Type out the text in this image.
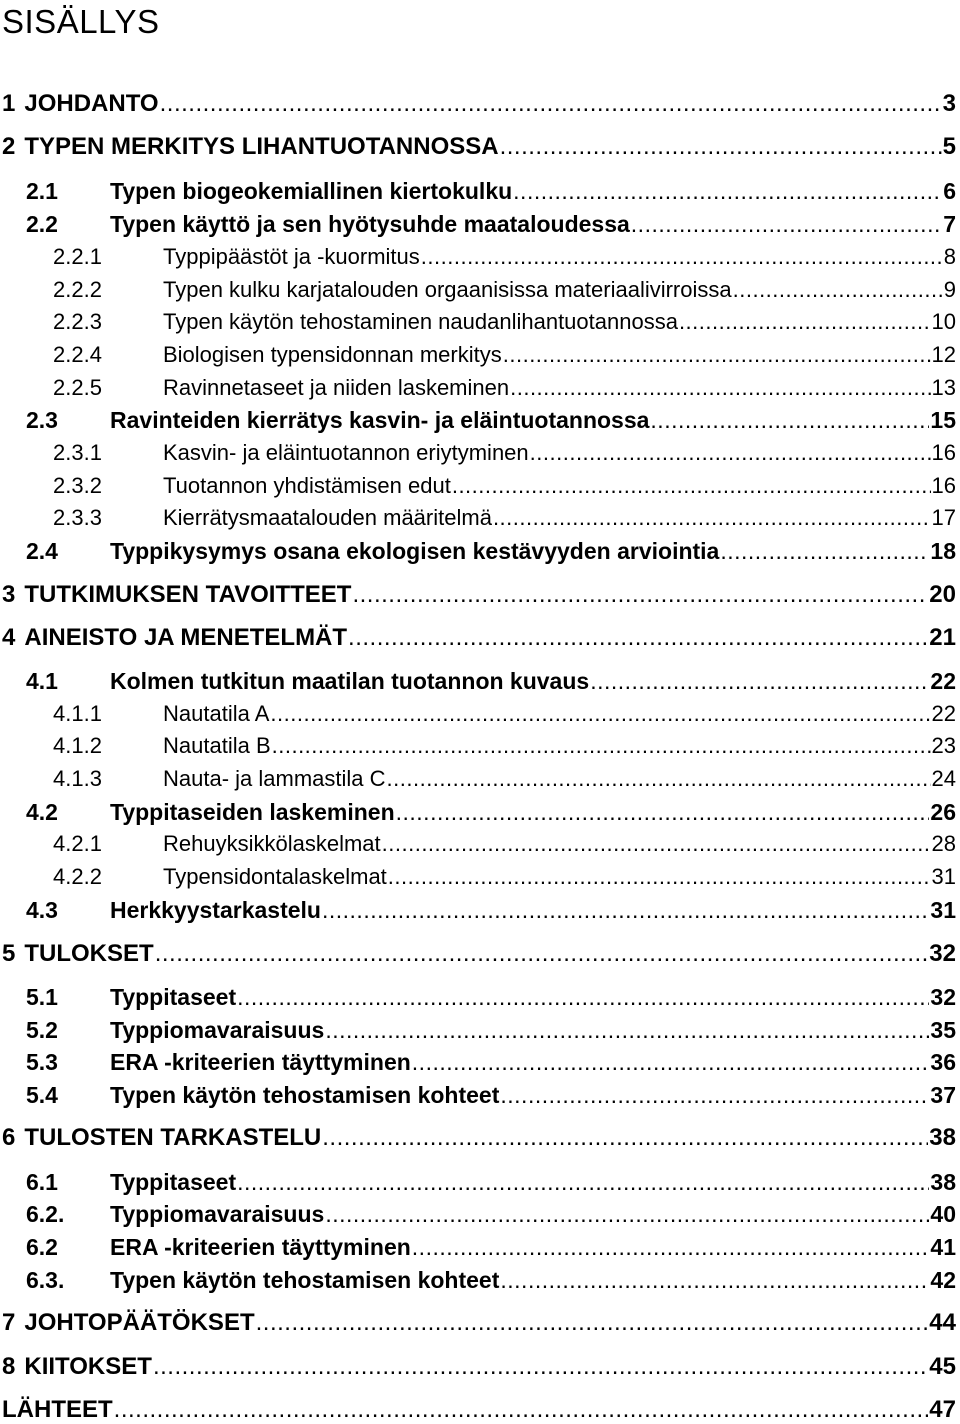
SISÄLLYS
1 JOHDANTO .....	3
2 TYPEN MERKITYS LIHANTUOTANNOSSA .....	5
2.1	Typen biogeokemiallinen kiertokulku .....	6
2.2	Typen käyttö ja sen hyötysuhde maataloudessa .....	7
2.2.1	Typpipäästöt ja -kuormitus .....	8
2.2.2	Typen kulku karjatalouden orgaanisissa materiaalivirroissa .....	9
2.2.3	Typen käytön tehostaminen naudanlihantuotannossa .....	10
2.2.4	Biologisen typensidonnan merkitys .....	12
2.2.5	Ravinnetaseet ja niiden laskeminen .....	13
2.3	Ravinteiden kierrätys kasvin- ja eläintuotannossa .....	15
2.3.1	Kasvin- ja eläintuotannon eriytyminen .....	16
2.3.2	Tuotannon yhdistämisen edut .....	16
2.3.3	Kierrätysmaatalouden määritelmä .....	17
2.4	Typpikysymys osana ekologisen kestävyyden arviointia .....	18
3 TUTKIMUKSEN TAVOITTEET .....	20
4 AINEISTO JA MENETELMÄT .....	21
4.1	Kolmen tutkitun maatilan tuotannon kuvaus .....	22
4.1.1	Nautatila A .....	22
4.1.2	Nautatila B .....	23
4.1.3	Nauta- ja lammastila C .....	24
4.2	Typpitaseiden laskeminen .....	26
4.2.1	Rehuyksikkölaskelmat .....	28
4.2.2	Typensidontalaskelmat .....	31
4.3	Herkkyystarkastelu .....	31
5 TULOKSET .....	32
5.1	Typpitaseet .....	32
5.2	Typpiomavaraisuus .....	35
5.3	ERA -kriteerien täyttyminen .....	36
5.4	Typen käytön tehostamisen kohteet .....	37
6 TULOSTEN TARKASTELU .....	38
6.1	Typpitaseet .....	38
6.2.	Typpiomavaraisuus .....	40
6.2	ERA -kriteerien täyttyminen .....	41
6.3.	Typen käytön tehostamisen kohteet .....	42
7 JOHTOPÄÄTÖKSET .....	44
8 KIITOKSET .....	45
LÄHTEET .....	47
